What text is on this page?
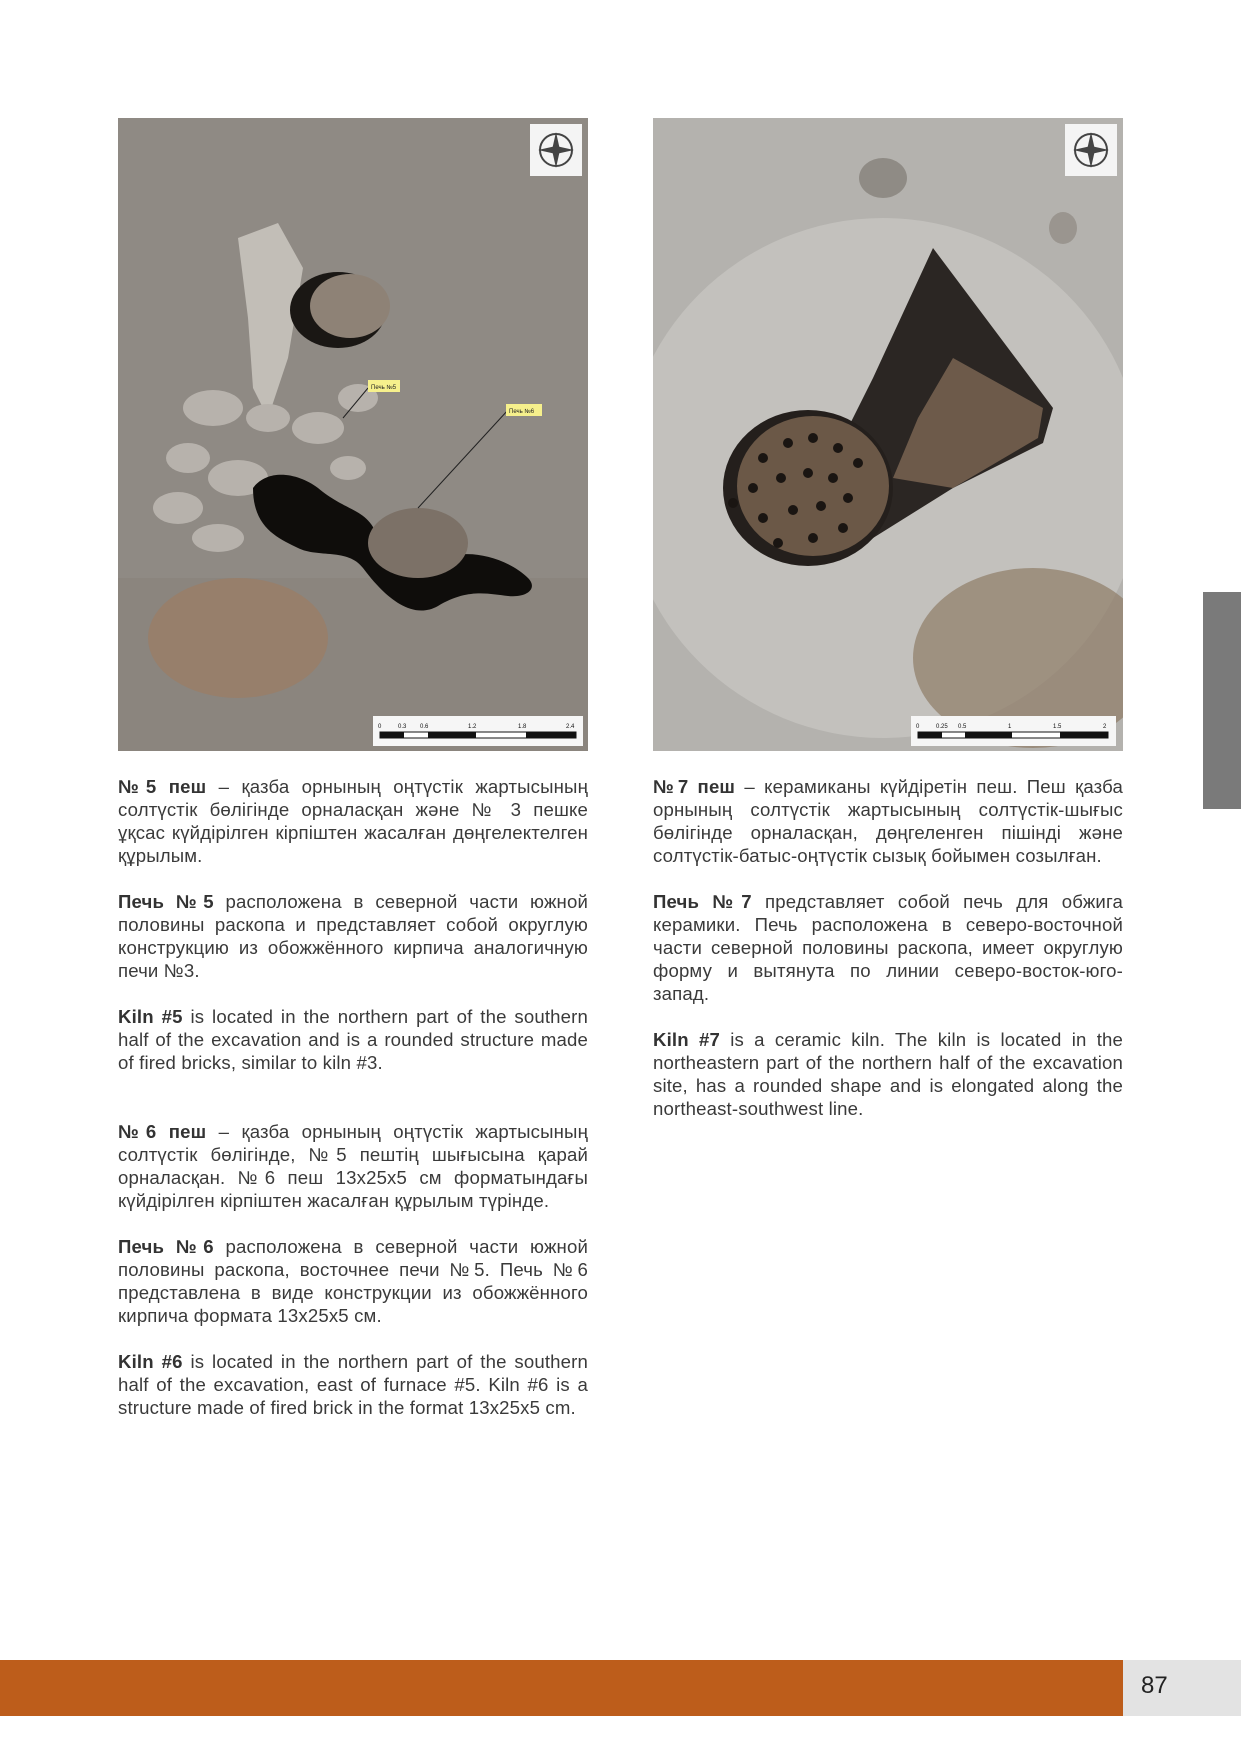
Печь №5
Печь №6
0	0.3 0.6	1.2	1.8	2.4	0	0.25 0.5	1	1.5	2

№5 пеш – қазба орнының оңтүстік жартысының солтүстік бөлігінде орналасқан және № 3 пешке ұқсас күйдірілген кірпіштен жасалған дөңгелектелген құрылым.

Печь №5 расположена в северной части южной половины раскопа и представляет собой округлую конструкцию из обожжённого кирпича аналогичную печи №3.

Kiln #5 is located in the northern part of the southern half of the excavation and is a rounded structure made of fired bricks, similar to kiln #3.

№6 пеш – қазба орнының оңтүстік жартысының солтүстік бөлігінде, №5 пештің шығысына қарай орналасқан. №6 пеш 13x25x5 см форматындағы күйдірілген кірпіштен жасалған құрылым түрінде.

Печь №6 расположена в северной части южной половины раскопа, восточнее печи №5. Печь №6 представлена в виде конструкции из обожжённого кирпича формата 13x25x5 см.

Kiln #6 is located in the northern part of the southern half of the excavation, east of furnace #5. Kiln #6 is a structure made of fired brick in the format 13x25x5 cm.

№7 пеш – керамиканы күйдіретін пеш. Пеш қазба орнының солтүстік жартысының солтүстік-шығыс бөлігінде орналасқан, дөңгеленген пішінді және солтүстік-батыс-оңтүстік сызық бойымен созылған.

Печь №7 представляет собой печь для обжига керамики. Печь расположена в северо-восточной части северной половины раскопа, имеет округлую форму и вытянута по линии северо-восток-юго-запад.

Kiln #7 is a ceramic kiln. The kiln is located in the northeastern part of the northern half of the excavation site, has a rounded shape and is elongated along the northeast-southwest line.

87
